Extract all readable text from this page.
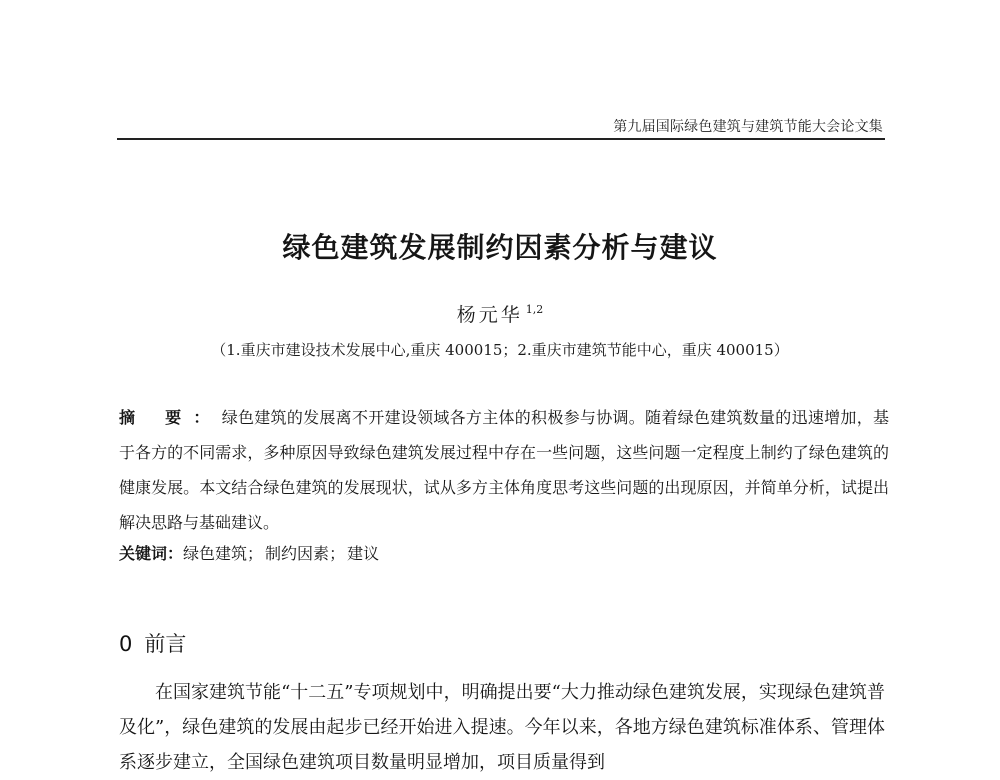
第九届国际绿色建筑与建筑节能大会论文集
绿色建筑发展制约因素分析与建议
杨元华 $^{1,2}$
（1.重庆市建设技术发展中心,重庆 400015；2.重庆市建筑节能中心，重庆 400015）
摘 要：绿色建筑的发展离不开建设领域各方主体的积极参与协调。随着绿色建筑数量的迅速增加，基于各方的不同需求，多种原因导致绿色建筑发展过程中存在一些问题，这些问题一定程度上制约了绿色建筑的健康发展。本文结合绿色建筑的发展现状，试从多方主体角度思考这些问题的出现原因，并简单分析，试提出解决思路与基础建议。
关键词：绿色建筑； 制约因素； 建议
0 前言
在国家建筑节能“十二五”专项规划中，明确提出要“大力推动绿色建筑发展，实现绿色建筑普及化”，绿色建筑的发展由起步已经开始进入提速。今年以来，各地方绿色建筑标准体系、管理体系逐步建立，全国绿色建筑项目数量明显增加，项目质量得到
